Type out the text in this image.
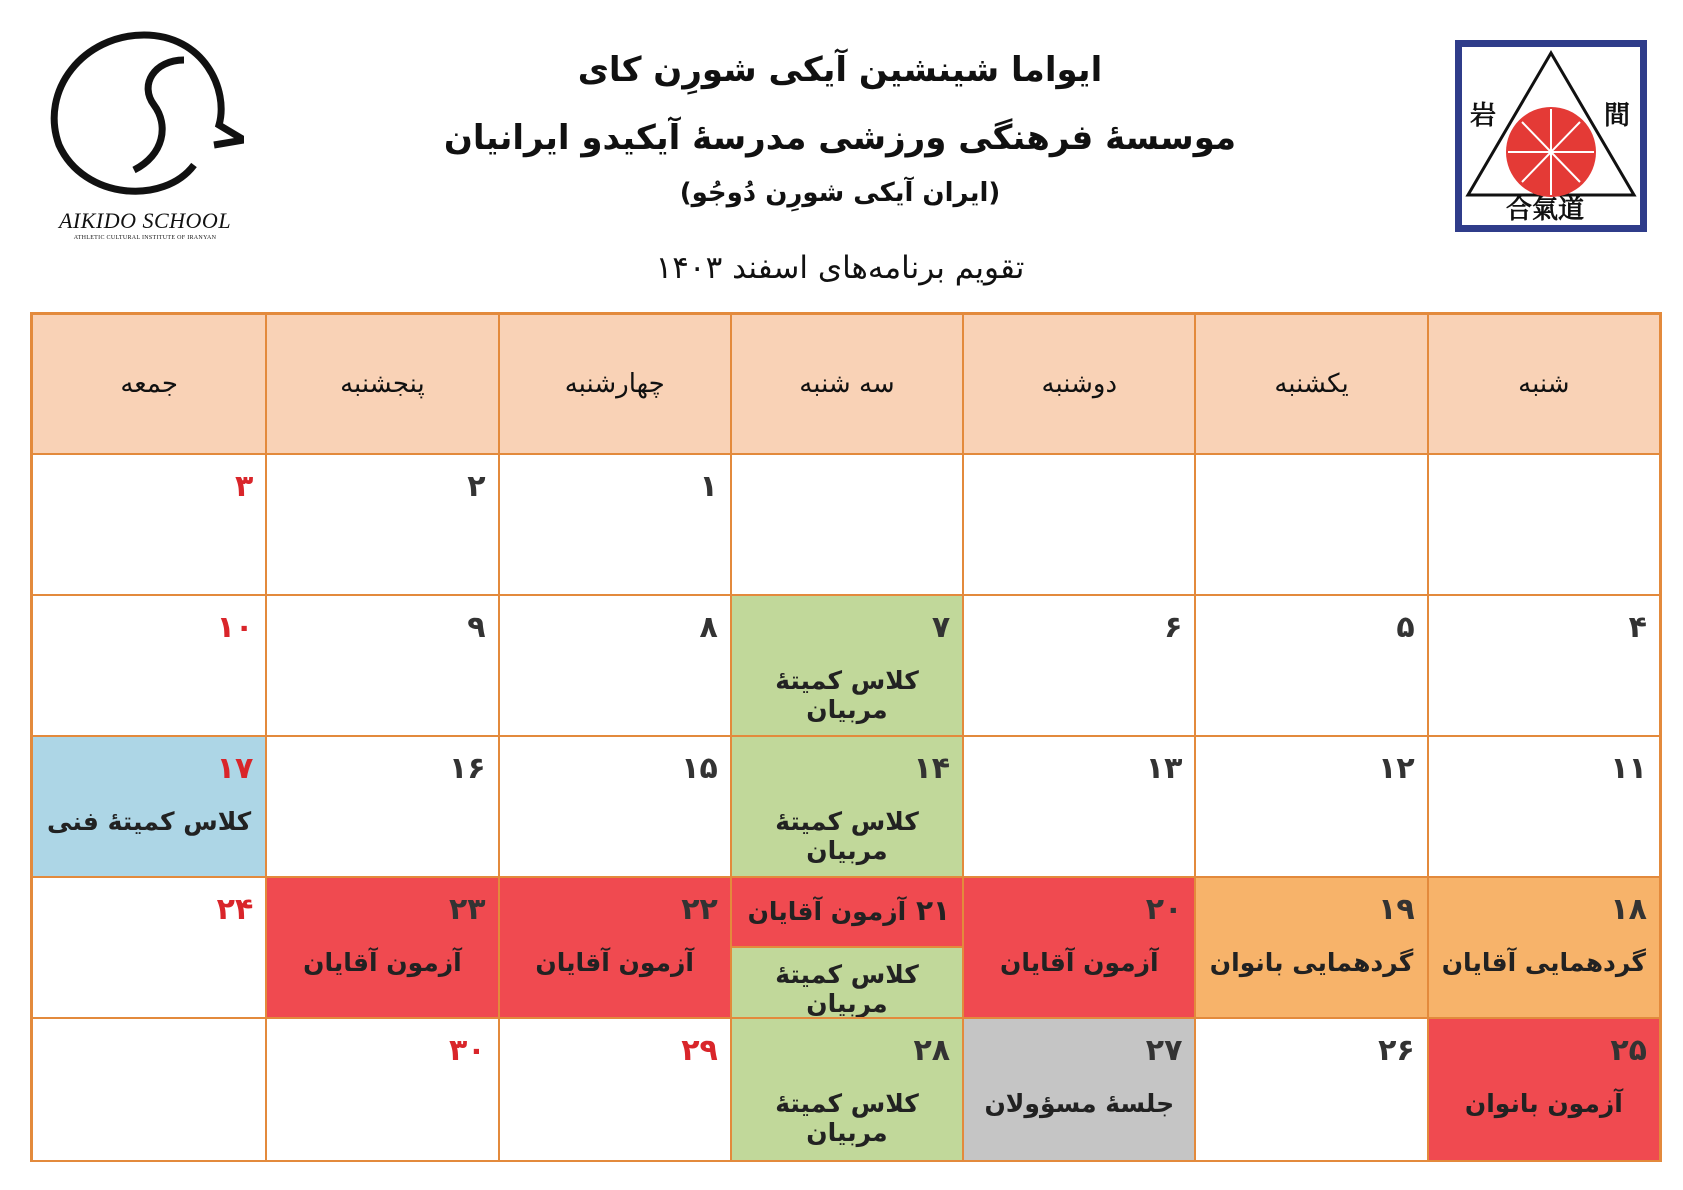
AIKIDO SCHOOL
ATHLETIC CULTURAL INSTITUTE OF IRANYAN
岩	間
合氣道
ایواما شینشین آیکی شورِن کای
موسسهٔ فرهنگی ورزشی مدرسهٔ آیکیدو ایرانیان
(ایران آیکی شورِن دُوجُو)
تقویم برنامه‌های اسفند ۱۴۰۳
شنبه
یکشنبه
دوشنبه
سه شنبه
چهارشنبه
پنجشنبه
جمعه
۱
۲
۳
۴
۵
۶
۷
کلاس کمیتهٔ مربیان
۸
۹
۱۰
۱۱
۱۲
۱۳
۱۴
کلاس کمیتهٔ مربیان
۱۵
۱۶
۱۷
کلاس کمیتهٔ فنی
۱۸
گردهمایی آقایان
۱۹
گردهمایی بانوان
۲۰
آزمون آقایان
۲۱ آزمون آقایان
کلاس کمیتهٔ مربیان
۲۲
آزمون آقایان
۲۳
آزمون آقایان
۲۴
۲۵
آزمون بانوان
۲۶
۲۷
جلسهٔ مسؤولان
۲۸
کلاس کمیتهٔ مربیان
۲۹
۳۰
